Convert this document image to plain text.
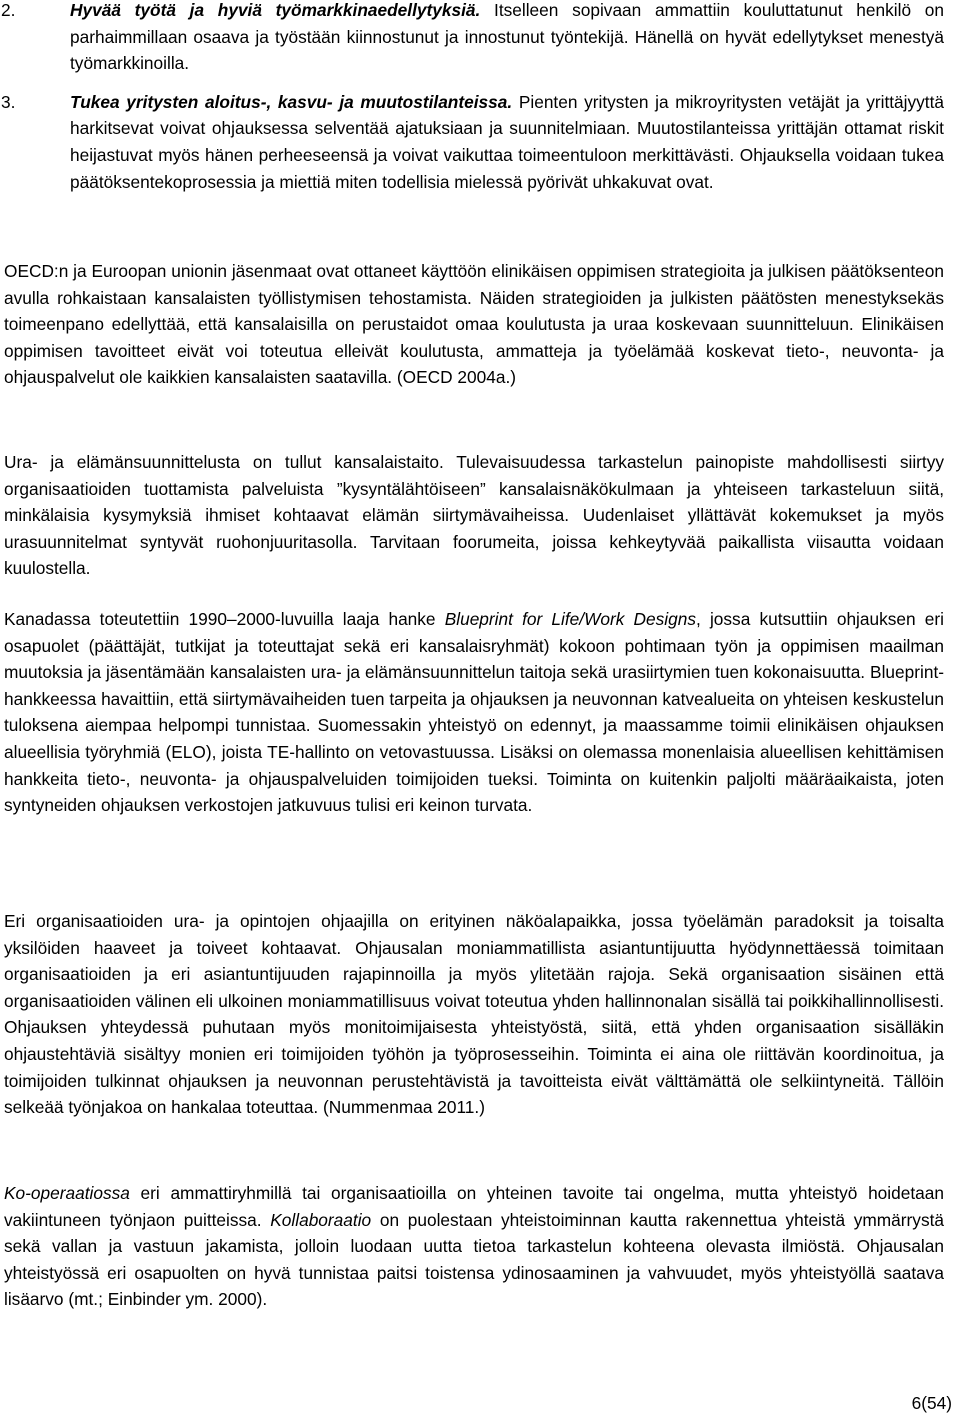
2.	Hyvää työtä ja hyviä työmarkkinaedellytyksiä. Itselleen sopivaan ammattiin kouluttatunut henkilö on parhaimmillaan osaava ja työstään kiinnostunut ja innostunut työntekijä. Hänellä on hyvät edellytykset menestyä työmarkkinoilla.
3.	Tukea yritysten aloitus-, kasvu- ja muutostilanteissa. Pienten yritysten ja mikroyritysten vetäjät ja yrittäjyyttä harkitsevat voivat ohjauksessa selventää ajatuksiaan ja suunnitelmiaan. Muutostilanteissa yrittäjän ottamat riskit heijastuvat myös hänen perheeseensä ja voivat vaikuttaa toimeentuloon merkittävästi. Ohjauksella voidaan tukea päätöksentekoprosessia ja miettiä miten todellisia mielessä pyörivät uhkakuvat ovat.

OECD:n ja Euroopan unionin jäsenmaat ovat ottaneet käyttöön elinikäisen oppimisen strategioita ja julkisen päätöksenteon avulla rohkaistaan kansalaisten työllistymisen tehostamista. Näiden strategioiden ja julkisten päätösten menestyksekäs toimeenpano edellyttää, että kansalaisilla on perustaidot omaa koulutusta ja uraa koskevaan suunnitteluun. Elinikäisen oppimisen tavoitteet eivät voi toteutua elleivät koulutusta, ammatteja ja työelämää koskevat tieto-, neuvonta- ja ohjauspalvelut ole kaikkien kansalaisten saatavilla. (OECD 2004a.)

Ura- ja elämänsuunnittelusta on tullut kansalaistaito. Tulevaisuudessa tarkastelun painopiste mahdollisesti siirtyy organisaatioiden tuottamista palveluista ”kysyntälähtöiseen” kansalaisnäkökulmaan ja yhteiseen tarkasteluun siitä, minkälaisia kysymyksiä ihmiset kohtaavat elämän siirtymävaiheissa. Uudenlaiset yllättävät kokemukset ja myös urasuunnitelmat syntyvät ruohonjuuritasolla. Tarvitaan foorumeita, joissa kehkeytyvää paikallista viisautta voidaan kuulostella.

Kanadassa toteutettiin 1990–2000-luvuilla laaja hanke Blueprint for Life/Work Designs, jossa kutsuttiin ohjauksen eri osapuolet (päättäjät, tutkijat ja toteuttajat sekä eri kansalaisryhmät) kokoon pohtimaan työn ja oppimisen maailman muutoksia ja jäsentämään kansalaisten ura- ja elämänsuunnittelun taitoja sekä urasiirtymien tuen kokonaisuutta. Blueprint-hankkeessa havaittiin, että siirtymävaiheiden tuen tarpeita ja ohjauksen ja neuvonnan katvealueita on yhteisen keskustelun tuloksena aiempaa helpompi tunnistaa. Suomessakin yhteistyö on edennyt, ja maassamme toimii elinikäisen ohjauksen alueellisia työryhmiä (ELO), joista TE-hallinto on vetovastuussa. Lisäksi on olemassa monenlaisia alueellisen kehittämisen hankkeita tieto-, neuvonta- ja ohjauspalveluiden toimijoiden tueksi. Toiminta on kuitenkin paljolti määräaikaista, joten syntyneiden ohjauksen verkostojen jatkuvuus tulisi eri keinon turvata.

Eri organisaatioiden ura- ja opintojen ohjaajilla on erityinen näköalapaikka, jossa työelämän paradoksit ja toisalta yksilöiden haaveet ja toiveet kohtaavat. Ohjausalan moniammatillista asiantuntijuutta hyödynnettäessä toimitaan organisaatioiden ja eri asiantuntijuuden rajapinnoilla ja myös ylitetään rajoja. Sekä organisaation sisäinen että organisaatioiden välinen eli ulkoinen moniammatillisuus voivat toteutua yhden hallinnonalan sisällä tai poikkihallinnollisesti. Ohjauksen yhteydessä puhutaan myös monitoimijaisesta yhteistyöstä, siitä, että yhden organisaation sisälläkin ohjaustehtäviä sisältyy monien eri toimijoiden työhön ja työprosesseihin. Toiminta ei aina ole riittävän koordinoitua, ja toimijoiden tulkinnat ohjauksen ja neuvonnan perustehtävistä ja tavoitteista eivät välttämättä ole selkiintyneitä. Tällöin selkeää työnjakoa on hankalaa toteuttaa. (Nummenmaa 2011.)

Ko-operaatiossa eri ammattiryhmillä tai organisaatioilla on yhteinen tavoite tai ongelma, mutta yhteistyö hoidetaan vakiintuneen työnjaon puitteissa. Kollaboraatio on puolestaan yhteistoiminnan kautta rakennettua yhteistä ymmärrystä sekä vallan ja vastuun jakamista, jolloin luodaan uutta tietoa tarkastelun kohteena olevasta ilmiöstä. Ohjausalan yhteistyössä eri osapuolten on hyvä tunnistaa paitsi toistensa ydinosaaminen ja vahvuudet, myös yhteistyöllä saatava lisäarvo (mt.; Einbinder ym. 2000).

6(54)
